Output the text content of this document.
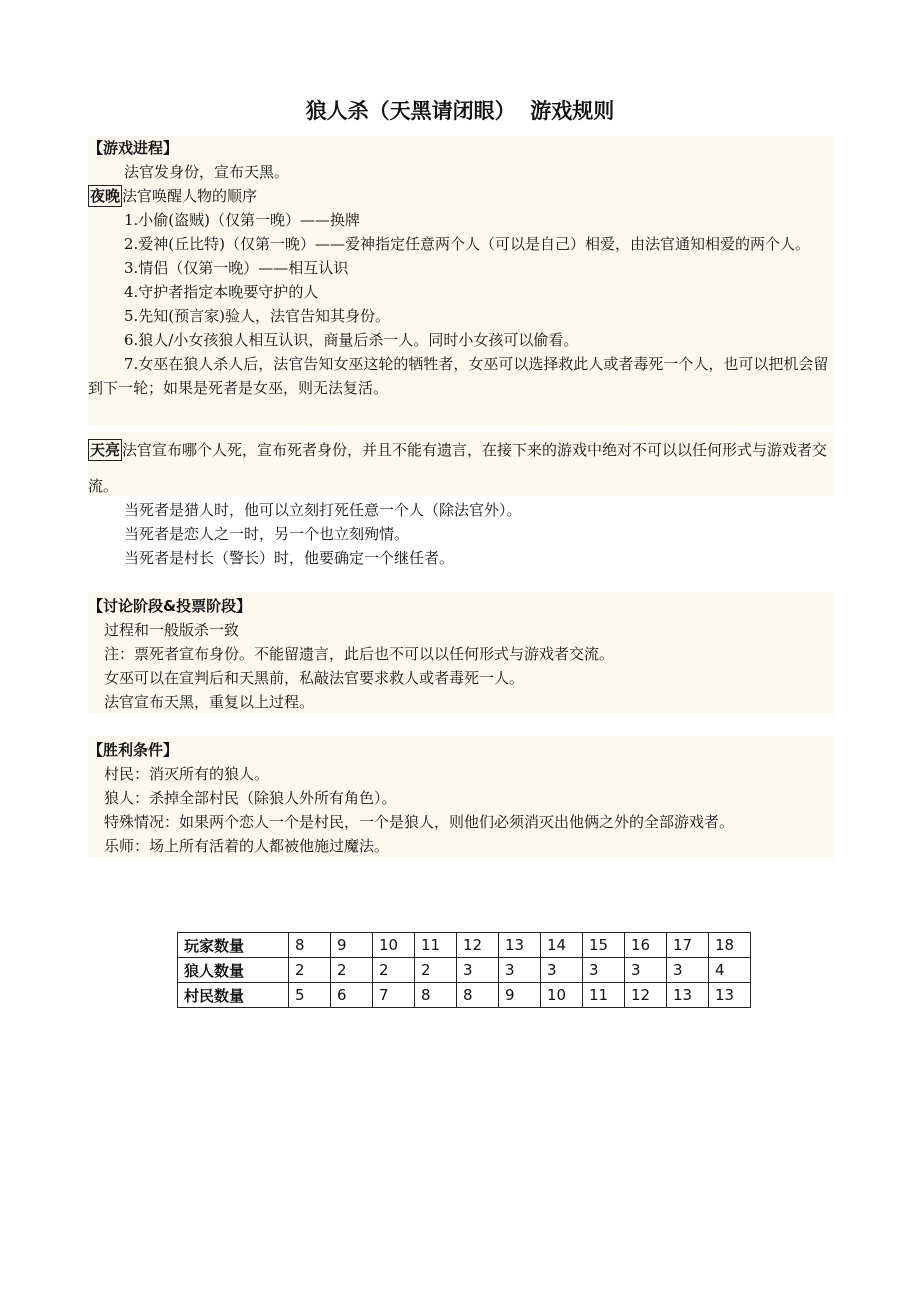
狼人杀（天黑请闭眼）  游戏规则

【游戏进程】

法官发身份，宣布天黑。

夜晚 法官唤醒人物的顺序

1.小偷(盗贼)（仅第一晚）——换牌

2.爱神(丘比特)（仅第一晚）——爱神指定任意两个人（可以是自己）相爱，由法官通知相爱的两个人。

3.情侣（仅第一晚）——相互认识

4.守护者指定本晚要守护的人

5.先知(预言家)验人，法官告知其身份。

6.狼人/小女孩狼人相互认识，商量后杀一人。同时小女孩可以偷看。

7.女巫在狼人杀人后，法官告知女巫这轮的牺牲者，女巫可以选择救此人或者毒死一个人，也可以把机会留到下一轮；如果是死者是女巫，则无法复活。

天亮 法官宣布哪个人死，宣布死者身份，并且不能有遗言，在接下来的游戏中绝对不可以以任何形式与游戏者交流。

当死者是猎人时，他可以立刻打死任意一个人（除法官外）。

当死者是恋人之一时，另一个也立刻殉情。

当死者是村长（警长）时，他要确定一个继任者。

【讨论阶段&投票阶段】

过程和一般版杀一致

注：票死者宣布身份。不能留遗言，此后也不可以以任何形式与游戏者交流。

女巫可以在宣判后和天黑前，私敲法官要求救人或者毒死一人。

法官宣布天黑，重复以上过程。

【胜利条件】

村民：消灭所有的狼人。

狼人：杀掉全部村民（除狼人外所有角色）。

特殊情况：如果两个恋人一个是村民，一个是狼人，则他们必须消灭出他俩之外的全部游戏者。

乐师：场上所有活着的人都被他施过魔法。

玩家数量	8	9	10	11	12	13	14	15	16	17	18
狼人数量	2	2	2	2	3	3	3	3	3	3	4
村民数量	5	6	7	8	8	9	10	11	12	13	13
